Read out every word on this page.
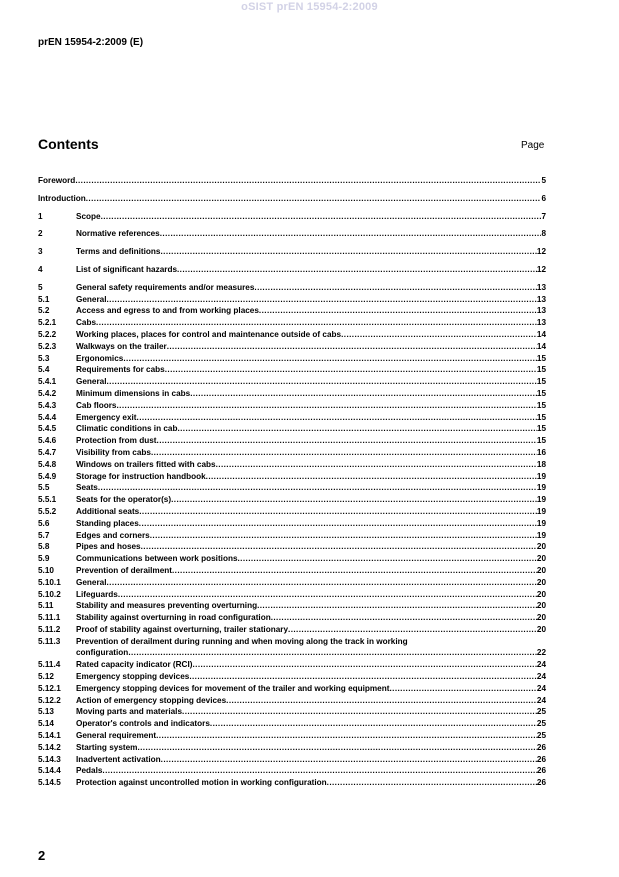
oSIST prEN 15954-2:2009
prEN 15954-2:2009 (E)
Contents	Page
Foreword .....	5
Introduction .....	6
1	Scope .....	7
2	Normative references .....	8
3	Terms and definitions .....	12
4	List of significant hazards .....	12
5	General safety requirements and/or measures .....	13
5.1	General .....	13
5.2	Access and egress to and from working places .....	13
5.2.1 Cabs .....	13
5.2.2 Working places, places for control and maintenance outside of cabs .....	14
5.2.3 Walkways on the trailer .....	14
5.3	Ergonomics .....	15
5.4	Requirements for cabs .....	15
5.4.1 General .....	15
5.4.2 Minimum dimensions in cabs .....	15
5.4.3 Cab floors .....	15
5.4.4 Emergency exit .....	15
5.4.5 Climatic conditions in cab .....	15
5.4.6 Protection from dust .....	15
5.4.7 Visibility from cabs .....	16
5.4.8 Windows on trailers fitted with cabs .....	18
5.4.9 Storage for instruction handbook .....	19
5.5	Seats .....	19
5.5.1 Seats for the operator(s) .....	19
5.5.2 Additional seats .....	19
5.6	Standing places .....	19
5.7	Edges and corners .....	19
5.8	Pipes and hoses .....	20
5.9	Communications between work positions .....	20
5.10	Prevention of derailment .....	20
5.10.1 General .....	20
5.10.2 Lifeguards .....	20
5.11	Stability and measures preventing overturning .....	20
5.11.1 Stability against overturning in road configuration .....	20
5.11.2 Proof of stability against overturning, trailer stationary .....	20
5.11.3 Prevention of derailment during running and when moving along the track in working
configuration .....	22
5.11.4 Rated capacity indicator (RCI) .....	24
5.12	Emergency stopping devices .....	24
5.12.1 Emergency stopping devices for movement of the trailer and working equipment .....	24
5.12.2 Action of emergency stopping devices .....	24
5.13	Moving parts and materials .....	25
5.14	Operator's controls and indicators .....	25
5.14.1 General requirement .....	25
5.14.2 Starting system .....	26
5.14.3 Inadvertent activation .....	26
5.14.4 Pedals .....	26
5.14.5 Protection against uncontrolled motion in working configuration .....	26
2
